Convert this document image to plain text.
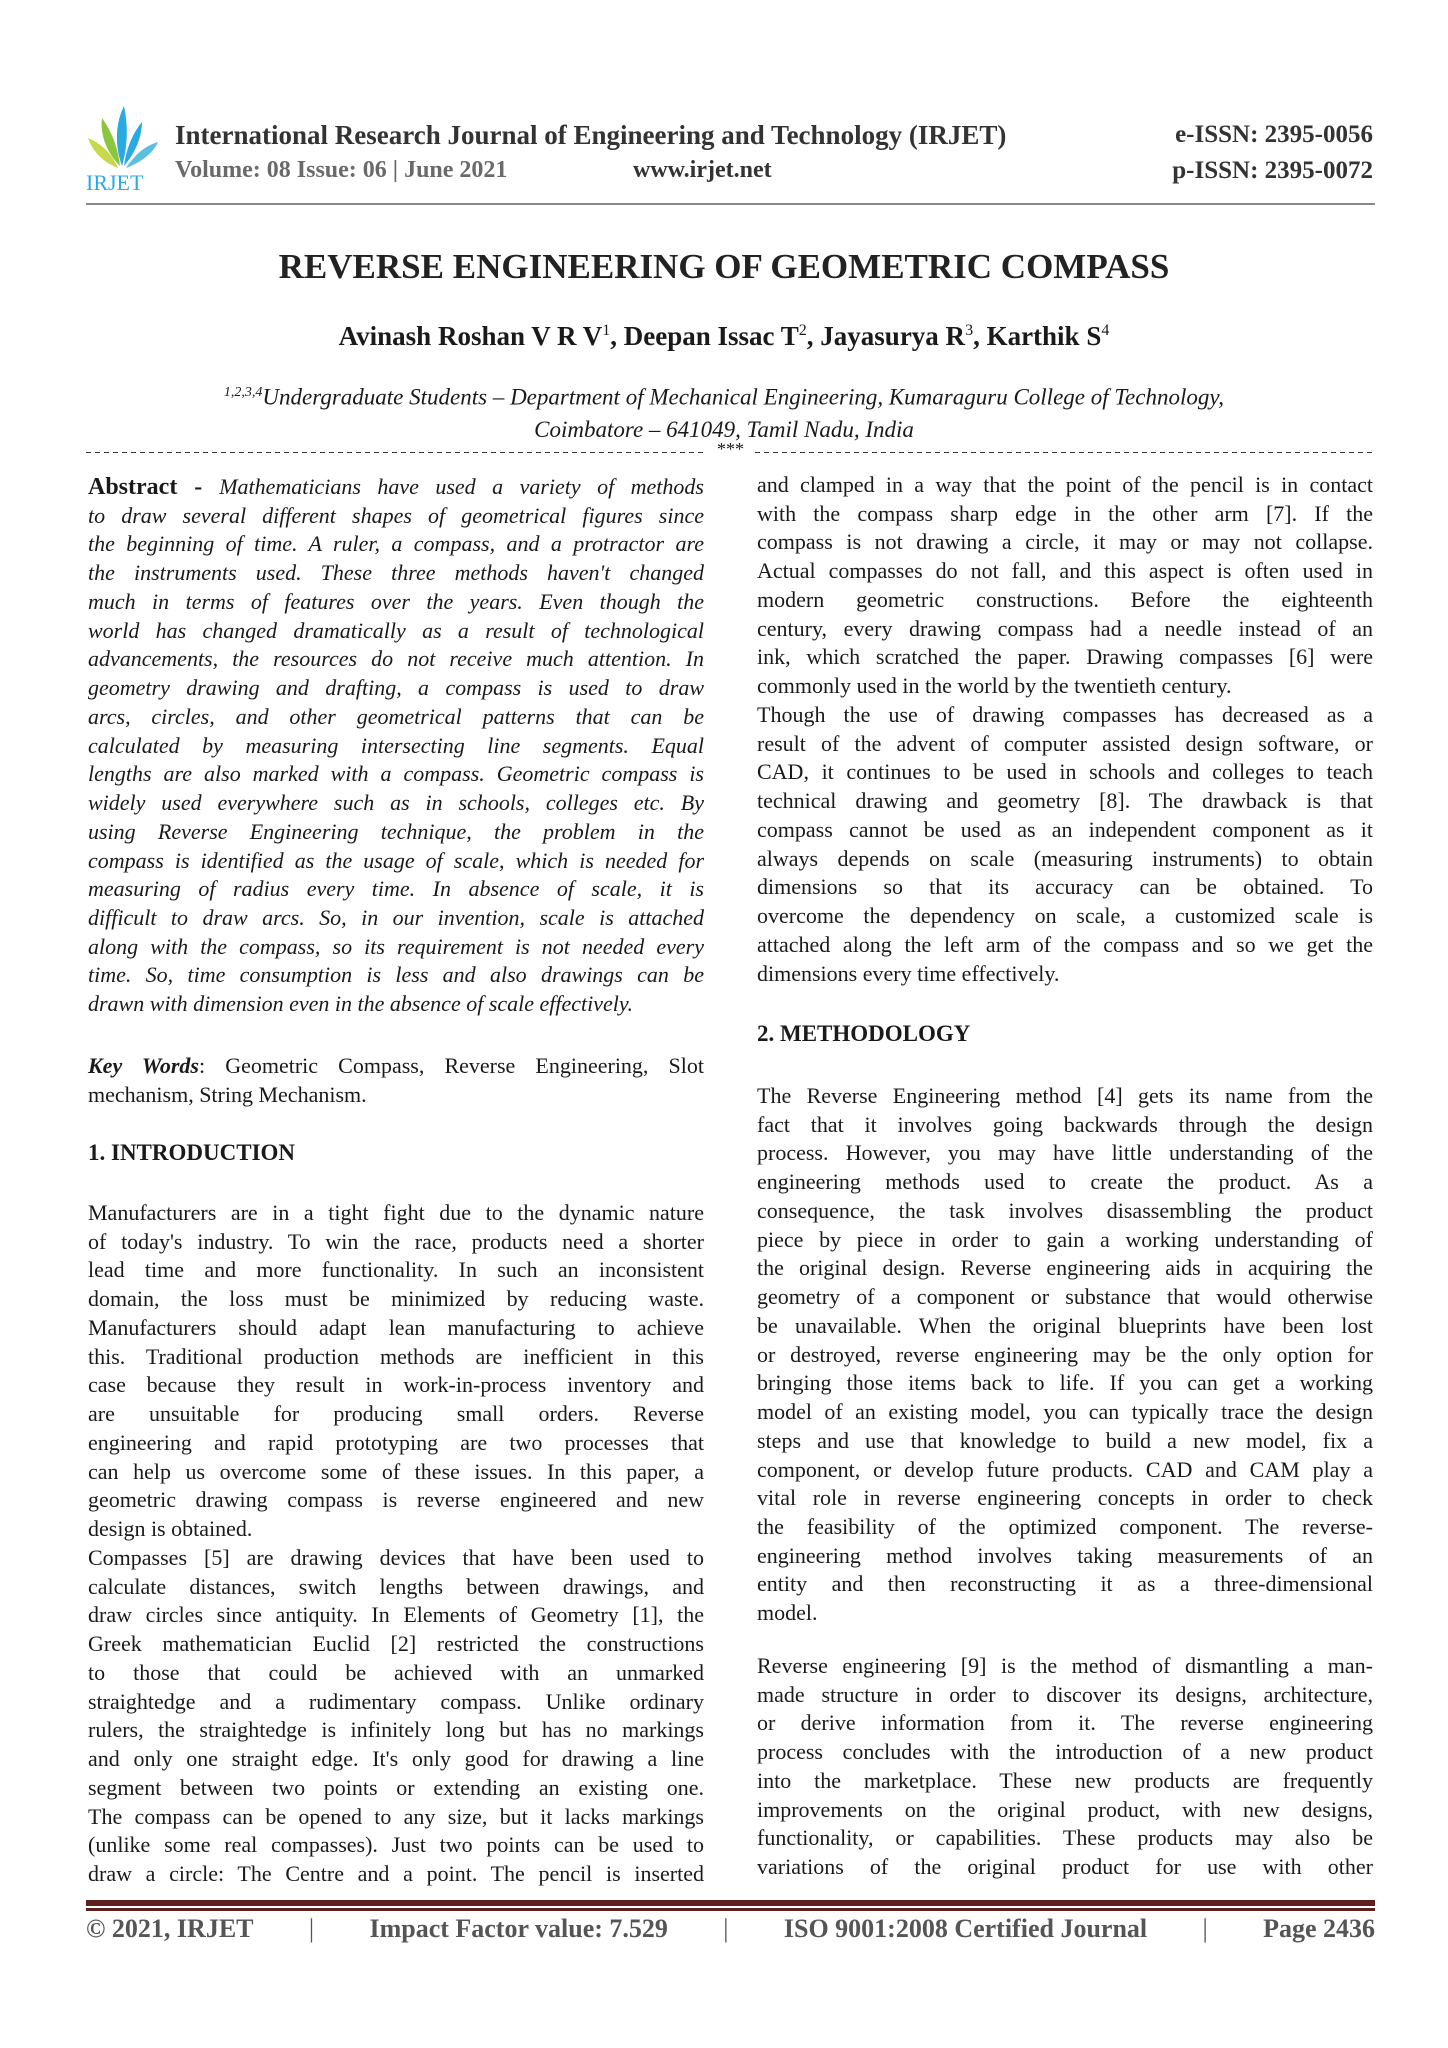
IRJET
International Research Journal of Engineering and Technology (IRJET)
Volume: 08 Issue: 06 | June 2021	www.irjet.net
e-ISSN: 2395-0056
p-ISSN: 2395-0072
REVERSE ENGINEERING OF GEOMETRIC COMPASS
Avinash Roshan V R $V^1$, Deepan Issac $T^2$, Jayasurya $R^3$, Karthik $S^4$
$^{1,2,3,4}$Undergraduate Students – Department of Mechanical Engineering, Kumaraguru College of Technology,
Coimbatore – 641049, Tamil Nadu, India
***
Abstract - Mathematicians have used a variety of methods
to draw several different shapes of geometrical figures since
the beginning of time. A ruler, a compass, and a protractor are
the instruments used. These three methods haven't changed
much in terms of features over the years. Even though the
world has changed dramatically as a result of technological
advancements, the resources do not receive much attention. In
geometry drawing and drafting, a compass is used to draw
arcs, circles, and other geometrical patterns that can be
calculated by measuring intersecting line segments. Equal
lengths are also marked with a compass. Geometric compass is
widely used everywhere such as in schools, colleges etc. By
using Reverse Engineering technique, the problem in the
compass is identified as the usage of scale, which is needed for
measuring of radius every time. In absence of scale, it is
difficult to draw arcs. So, in our invention, scale is attached
along with the compass, so its requirement is not needed every
time. So, time consumption is less and also drawings can be
drawn with dimension even in the absence of scale effectively.
Key Words: Geometric Compass, Reverse Engineering, Slot
mechanism, String Mechanism.
1. INTRODUCTION
Manufacturers are in a tight fight due to the dynamic nature
of today's industry. To win the race, products need a shorter
lead time and more functionality. In such an inconsistent
domain, the loss must be minimized by reducing waste.
Manufacturers should adapt lean manufacturing to achieve
this. Traditional production methods are inefficient in this
case because they result in work-in-process inventory and
are unsuitable for producing small orders. Reverse
engineering and rapid prototyping are two processes that
can help us overcome some of these issues. In this paper, a
geometric drawing compass is reverse engineered and new
design is obtained.
Compasses [5] are drawing devices that have been used to
calculate distances, switch lengths between drawings, and
draw circles since antiquity. In Elements of Geometry [1], the
Greek mathematician Euclid [2] restricted the constructions
to those that could be achieved with an unmarked
straightedge and a rudimentary compass. Unlike ordinary
rulers, the straightedge is infinitely long but has no markings
and only one straight edge. It's only good for drawing a line
segment between two points or extending an existing one.
The compass can be opened to any size, but it lacks markings
(unlike some real compasses). Just two points can be used to
draw a circle: The Centre and a point. The pencil is inserted
and clamped in a way that the point of the pencil is in contact
with the compass sharp edge in the other arm [7]. If the
compass is not drawing a circle, it may or may not collapse.
Actual compasses do not fall, and this aspect is often used in
modern geometric constructions. Before the eighteenth
century, every drawing compass had a needle instead of an
ink, which scratched the paper. Drawing compasses [6] were
commonly used in the world by the twentieth century.
Though the use of drawing compasses has decreased as a
result of the advent of computer assisted design software, or
CAD, it continues to be used in schools and colleges to teach
technical drawing and geometry [8]. The drawback is that
compass cannot be used as an independent component as it
always depends on scale (measuring instruments) to obtain
dimensions so that its accuracy can be obtained. To
overcome the dependency on scale, a customized scale is
attached along the left arm of the compass and so we get the
dimensions every time effectively.
2. METHODOLOGY
The Reverse Engineering method [4] gets its name from the
fact that it involves going backwards through the design
process. However, you may have little understanding of the
engineering methods used to create the product. As a
consequence, the task involves disassembling the product
piece by piece in order to gain a working understanding of
the original design. Reverse engineering aids in acquiring the
geometry of a component or substance that would otherwise
be unavailable. When the original blueprints have been lost
or destroyed, reverse engineering may be the only option for
bringing those items back to life. If you can get a working
model of an existing model, you can typically trace the design
steps and use that knowledge to build a new model, fix a
component, or develop future products. CAD and CAM play a
vital role in reverse engineering concepts in order to check
the feasibility of the optimized component. The reverse-
engineering method involves taking measurements of an
entity and then reconstructing it as a three-dimensional
model.
Reverse engineering [9] is the method of dismantling a man-
made structure in order to discover its designs, architecture,
or derive information from it. The reverse engineering
process concludes with the introduction of a new product
into the marketplace. These new products are frequently
improvements on the original product, with new designs,
functionality, or capabilities. These products may also be
variations of the original product for use with other
© 2021, IRJET | Impact Factor value: 7.529 | ISO 9001:2008 Certified Journal | Page 2436
